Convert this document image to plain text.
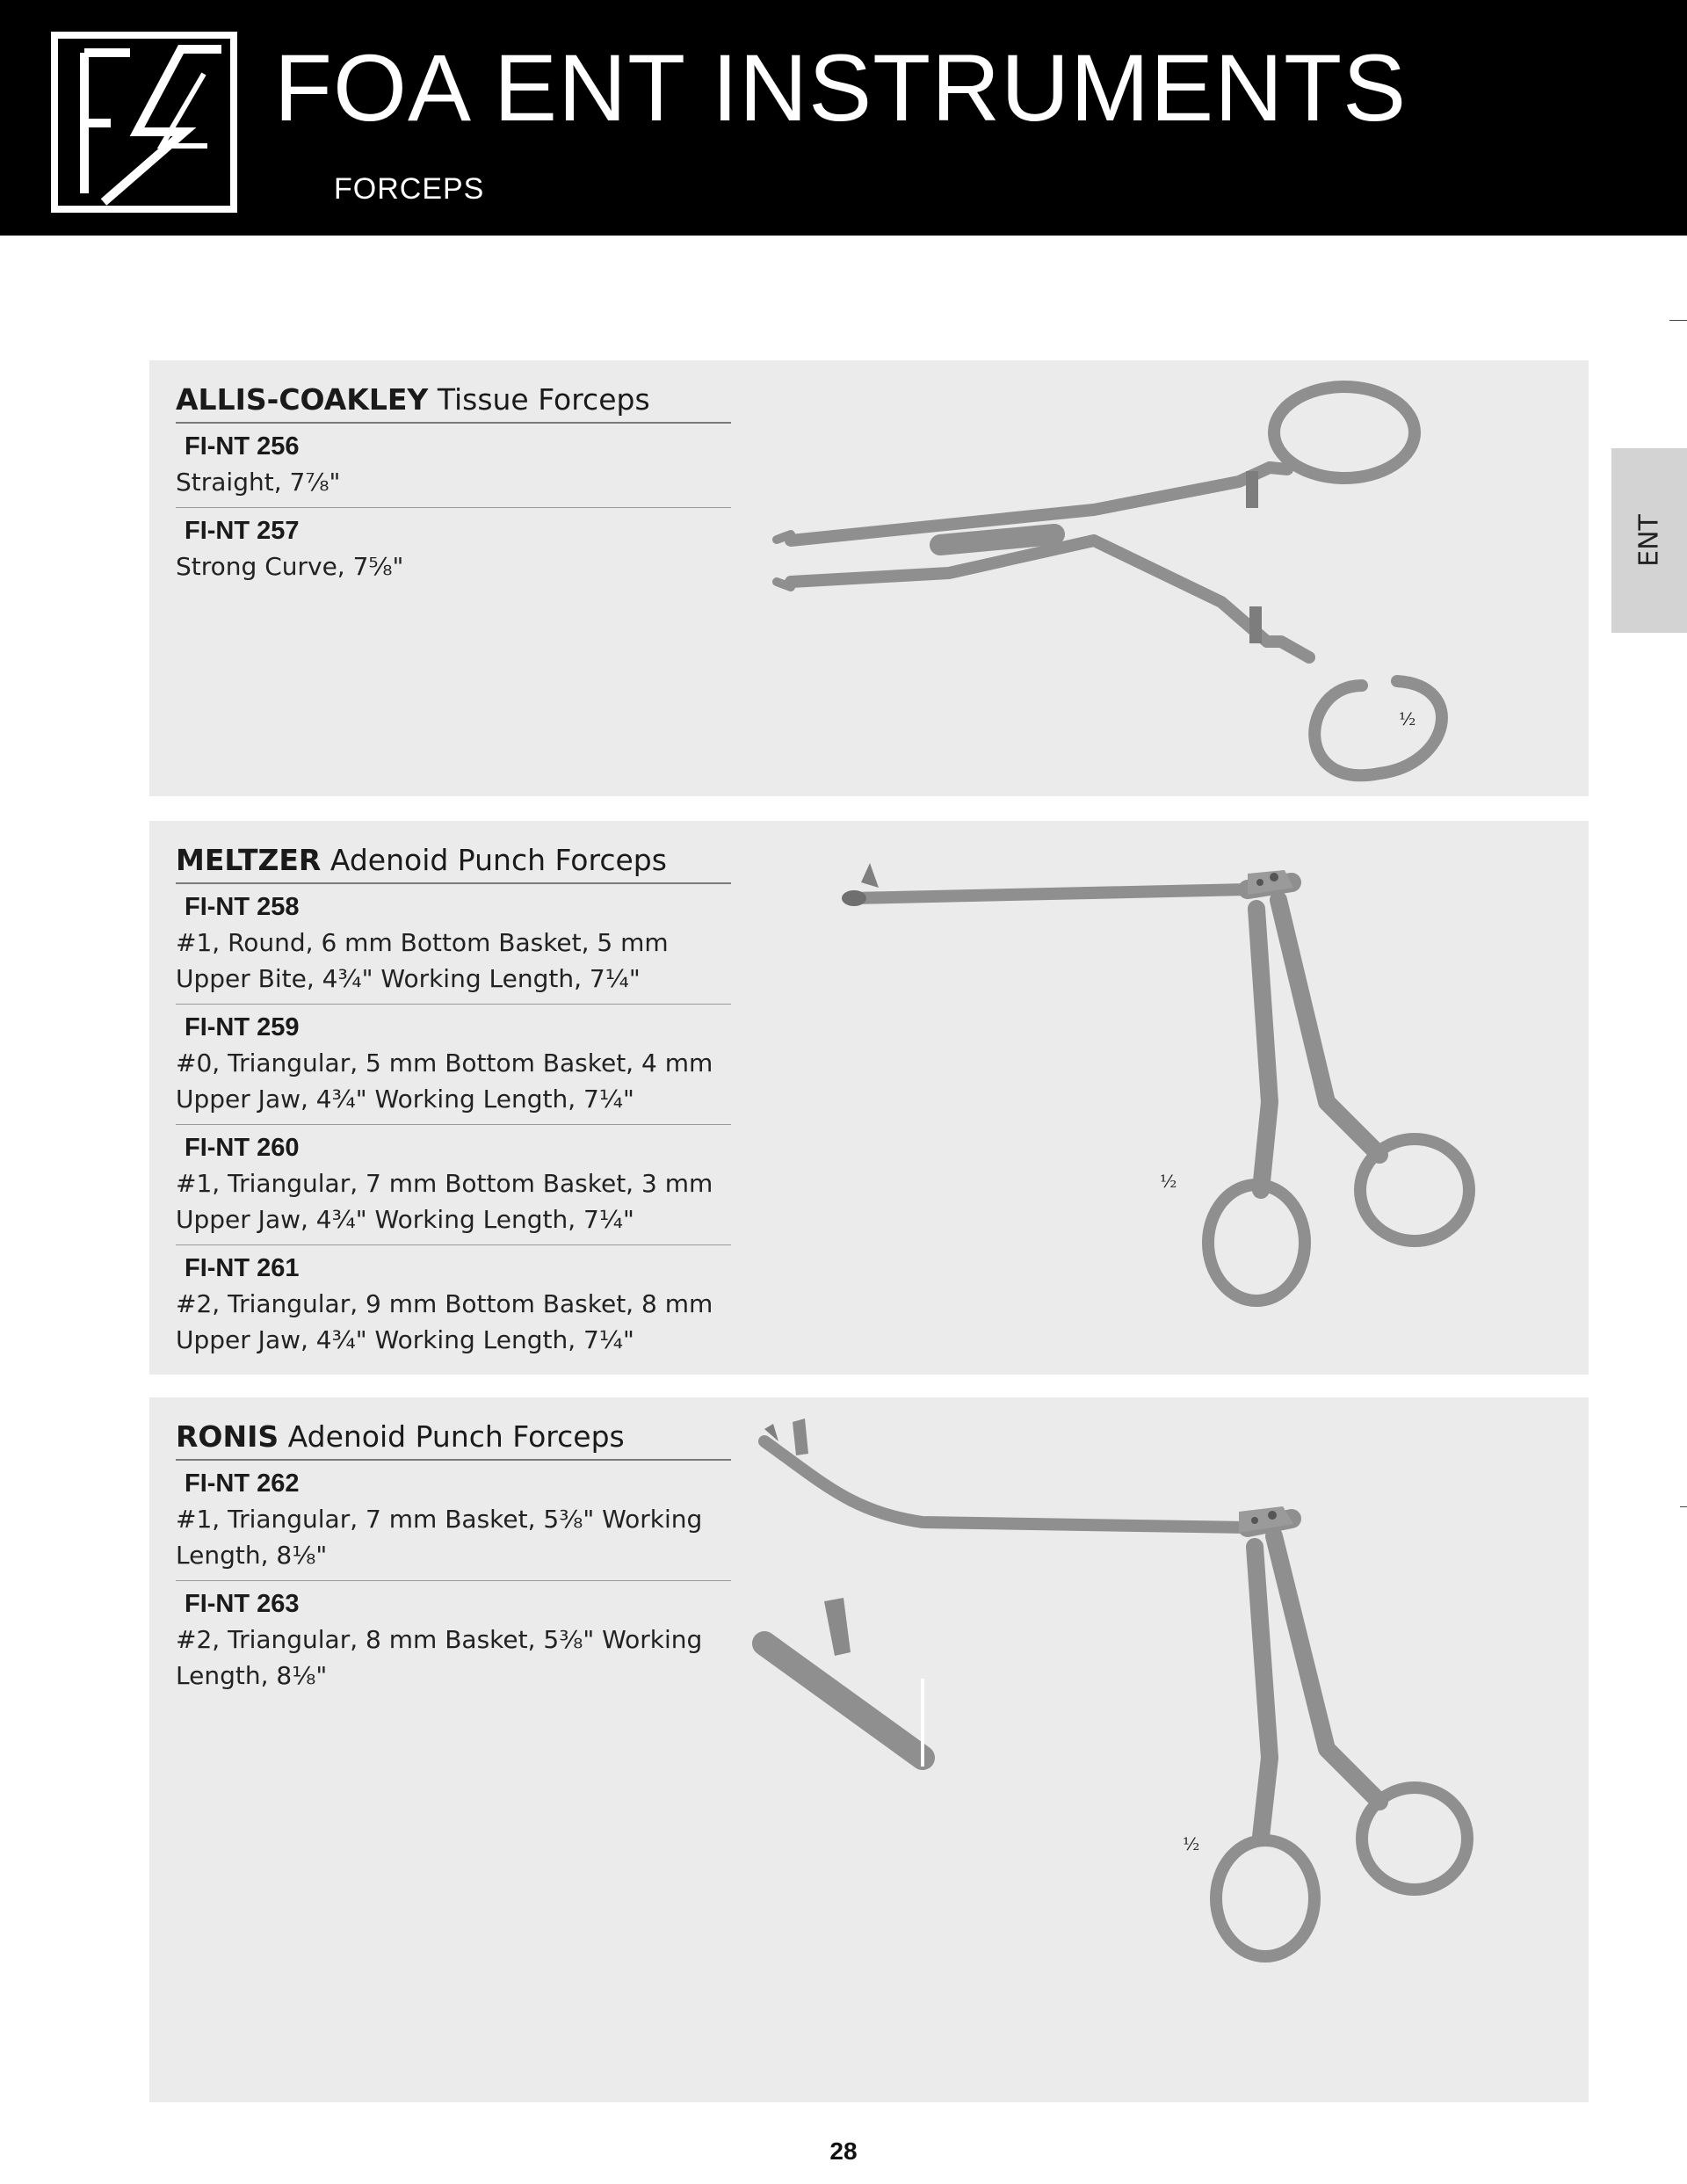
FOA ENT INSTRUMENTS
FORCEPS
ENT
ALLIS-COAKLEY Tissue Forceps
FI-NT 256
Straight, 7⅞"
FI-NT 257
Strong Curve, 7⅝"
½
MELTZER Adenoid Punch Forceps
FI-NT 258
#1, Round, 6 mm Bottom Basket, 5 mm Upper Bite, 4¾" Working Length, 7¼"
FI-NT 259
#0, Triangular, 5 mm Bottom Basket, 4 mm Upper Jaw, 4¾" Working Length, 7¼"
FI-NT 260
#1, Triangular, 7 mm Bottom Basket, 3 mm Upper Jaw, 4¾" Working Length, 7¼"
FI-NT 261
#2, Triangular, 9 mm Bottom Basket, 8 mm Upper Jaw, 4¾" Working Length, 7¼"
½
RONIS Adenoid Punch Forceps
FI-NT 262
#1, Triangular, 7 mm Basket, 5⅜" Working Length, 8⅛"
FI-NT 263
#2, Triangular, 8 mm Basket, 5⅜" Working Length, 8⅛"
½
28
